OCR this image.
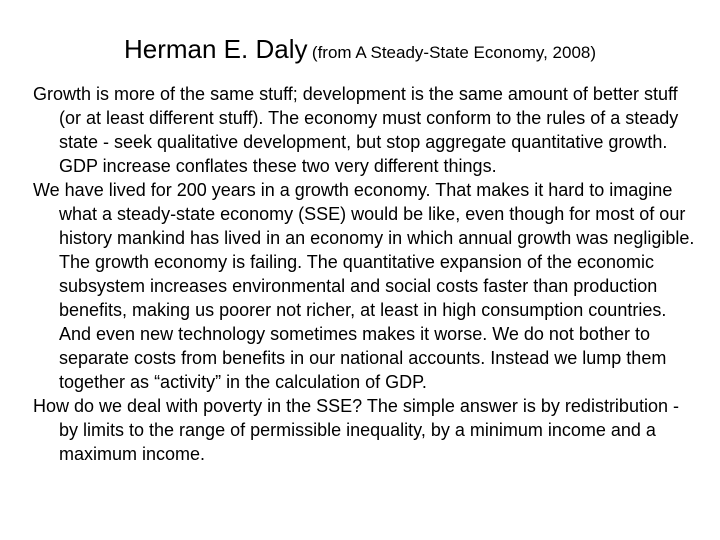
Herman E. Daly (from A Steady-State Economy, 2008)

Growth is more of the same stuff; development is the same amount of better stuff (or at least different stuff). The economy must conform to the rules of a steady state - seek qualitative development, but stop aggregate quantitative growth. GDP increase conflates these two very different things.

We have lived for 200 years in a growth economy. That makes it hard to imagine what a steady-state economy (SSE) would be like, even though for most of our history mankind has lived in an economy in which annual growth was negligible. The growth economy is failing. The quantitative expansion of the economic subsystem increases environmental and social costs faster than production benefits, making us poorer not richer, at least in high consumption countries. And even new technology sometimes makes it worse. We do not bother to separate costs from benefits in our national accounts. Instead we lump them together as “activity” in the calculation of GDP.

How do we deal with poverty in the SSE? The simple answer is by redistribution - by limits to the range of permissible inequality, by a minimum income and a maximum income.
